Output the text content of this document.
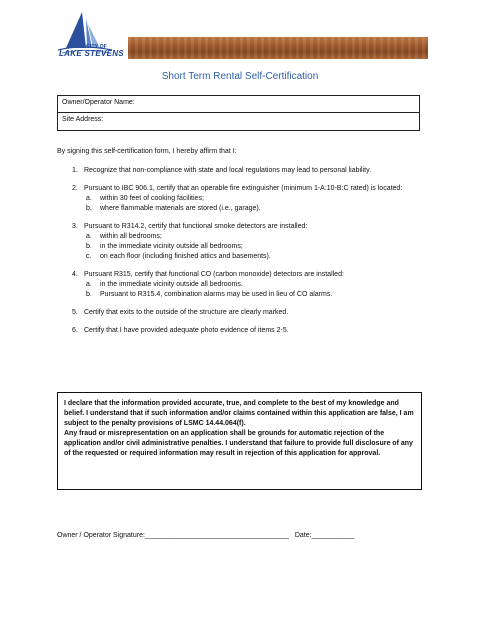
CITY OF
LAKE STEVENS
Short Term Rental Self-Certification
Owner/Operator Name:
Site Address:
By signing this self-certification form, I hereby affirm that I:
1. Recognize that non-compliance with state and local regulations may lead to personal liability.
2. Pursuant to IBC 906.1, certify that an operable fire extinguisher (minimum 1-A:10-B:C rated) is located:
a. within 30 feet of cooking facilities;
b. where flammable materials are stored (i.e., garage).
3. Pursuant to R314.2, certify that functional smoke detectors are installed:
a. within all bedrooms;
b. in the immediate vicinity outside all bedrooms;
c. on each floor (including finished attics and basements).
4. Pursuant R315, certify that functional CO (carbon monoxide) detectors are installed:
a. in the immediate vicinity outside all bedrooms.
b. Pursuant to R315.4, combination alarms may be used in lieu of CO alarms.
5. Certify that exits to the outside of the structure are clearly marked.
6. Certify that I have provided adequate photo evidence of items 2-5.

I declare that the information provided accurate, true, and complete to the best of my knowledge and belief. I understand that if such information and/or claims contained within this application are false, I am subject to the penalty provisions of LSMC 14.44.064(f).

Any fraud or misrepresentation on an application shall be grounds for automatic rejection of the application and/or civil administrative penalties. I understand that failure to provide full disclosure of any of the requested or required information may result in rejection of this application for approval.

Owner / Operator Signature:_____________________________________ Date:___________
